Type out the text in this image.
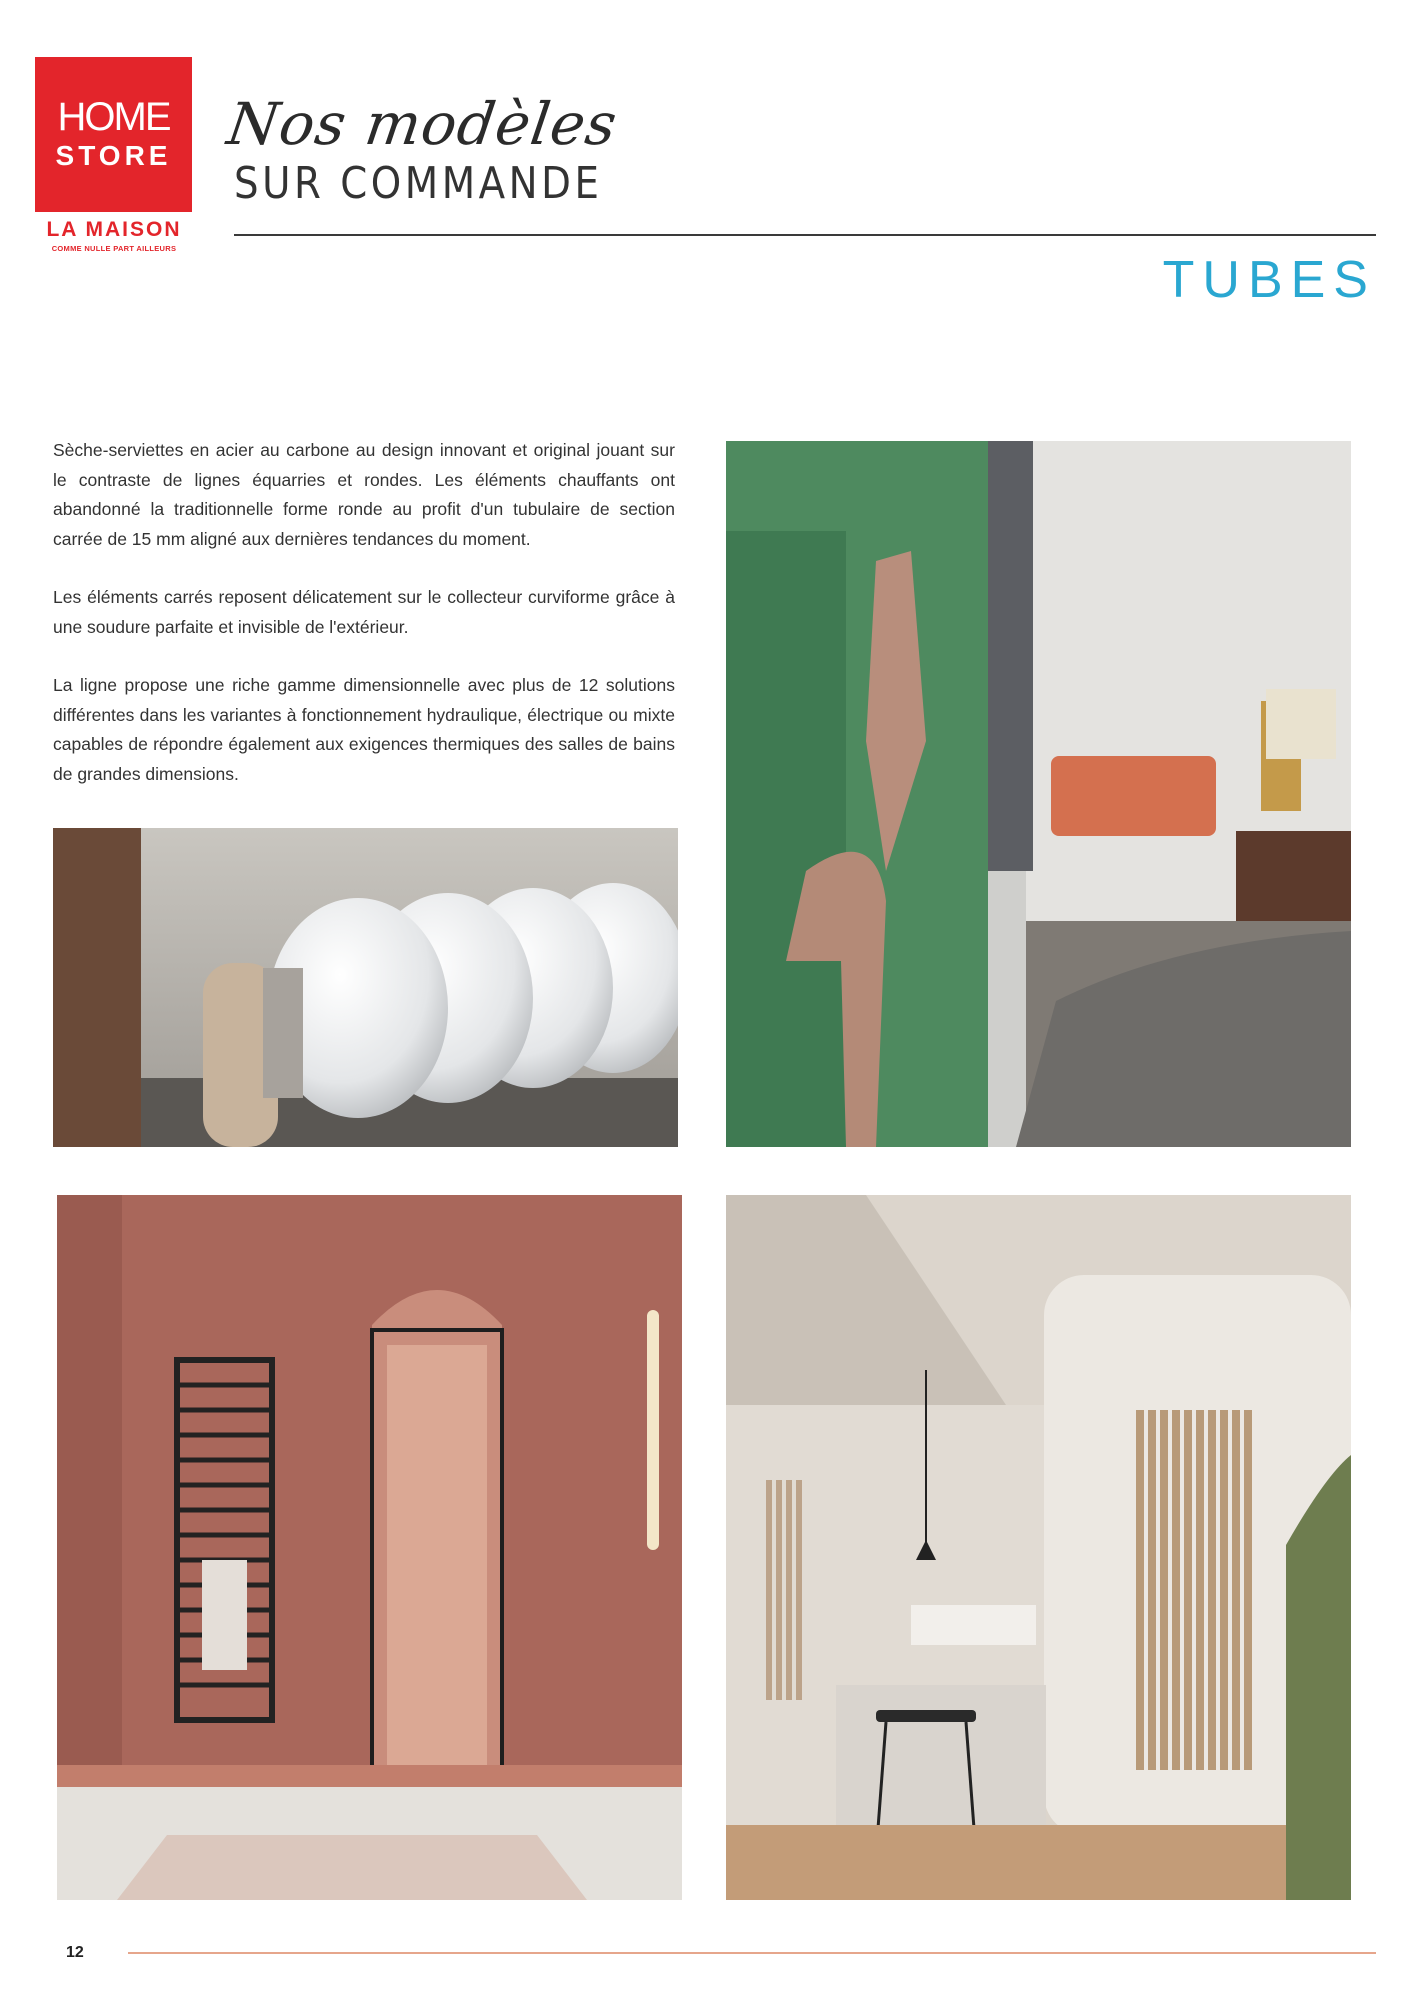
HOME
STORE
LA MAISON
COMME NULLE PART AILLEURS
Nos modèles
SUR COMMANDE
TUBES

Sèche-serviettes en acier au carbone au design innovant et original jouant sur le contraste de lignes équarries et rondes. Les éléments chauffants ont abandonné la traditionnelle forme ronde au profit d'un tubulaire de section carrée de 15 mm aligné aux dernières tendances du moment.

Les éléments carrés reposent délicatement sur le collecteur curviforme grâce à une soudure parfaite et invisible de l'extérieur.

La ligne propose une riche gamme dimensionnelle avec plus de 12 solutions différentes dans les variantes à fonctionnement hydraulique, électrique ou mixte capables de répondre également aux exigences thermiques des salles de bains de grandes dimensions.

12
